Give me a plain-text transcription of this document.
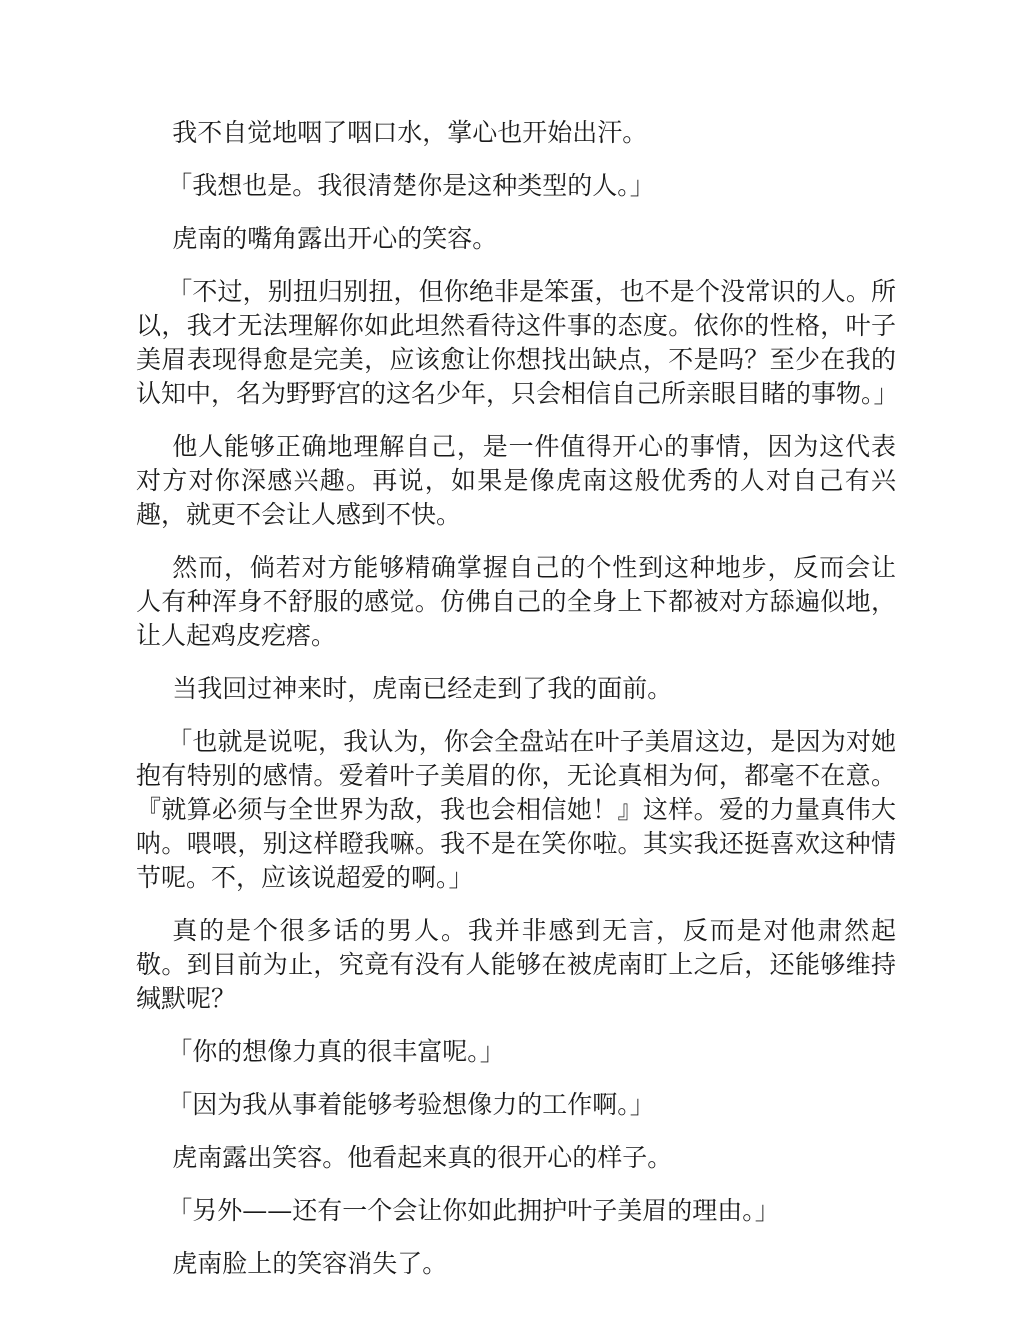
我不自觉地咽了咽口水，掌心也开始出汗。

「我想也是。我很清楚你是这种类型的人。」

虎南的嘴角露出开心的笑容。

「不过，别扭归别扭，但你绝非是笨蛋，也不是个没常识的人。所以，我才无法理解你如此坦然看待这件事的态度。依你的性格，叶子美眉表现得愈是完美，应该愈让你想找出缺点，不是吗？至少在我的认知中，名为野野宫的这名少年，只会相信自己所亲眼目睹的事物。」

他人能够正确地理解自己，是一件值得开心的事情，因为这代表对方对你深感兴趣。再说，如果是像虎南这般优秀的人对自己有兴趣，就更不会让人感到不快。

然而，倘若对方能够精确掌握自己的个性到这种地步，反而会让人有种浑身不舒服的感觉。仿佛自己的全身上下都被对方舔遍似地，让人起鸡皮疙瘩。

当我回过神来时，虎南已经走到了我的面前。

「也就是说呢，我认为，你会全盘站在叶子美眉这边，是因为对她抱有特别的感情。爱着叶子美眉的你，无论真相为何，都毫不在意。『就算必须与全世界为敌，我也会相信她！』这样。爱的力量真伟大呐。喂喂，别这样瞪我嘛。我不是在笑你啦。其实我还挺喜欢这种情节呢。不，应该说超爱的啊。」

真的是个很多话的男人。我并非感到无言，反而是对他肃然起敬。到目前为止，究竟有没有人能够在被虎南盯上之后，还能够维持缄默呢？

「你的想像力真的很丰富呢。」

「因为我从事着能够考验想像力的工作啊。」

虎南露出笑容。他看起来真的很开心的样子。

「另外——还有一个会让你如此拥护叶子美眉的理由。」

虎南脸上的笑容消失了。
